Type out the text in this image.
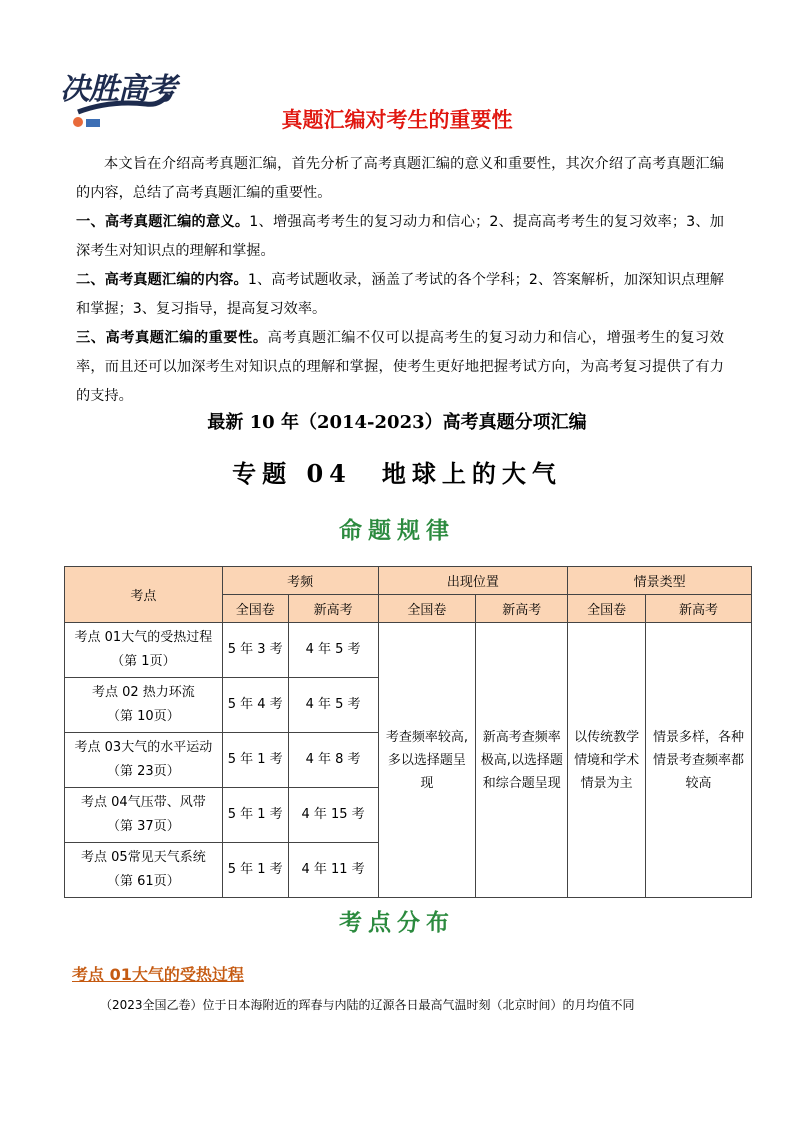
决胜高考
真题汇编对考生的重要性
本文旨在介绍高考真题汇编，首先分析了高考真题汇编的意义和重要性，其次介绍了高考真题汇编的内容，总结了高考真题汇编的重要性。
一、高考真题汇编的意义。1、增强高考考生的复习动力和信心；2、提高高考考生的复习效率；3、加深考生对知识点的理解和掌握。
二、高考真题汇编的内容。1、高考试题收录，涵盖了考试的各个学科；2、答案解析，加深知识点理解和掌握；3、复习指导，提高复习效率。
三、高考真题汇编的重要性。高考真题汇编不仅可以提高考生的复习动力和信心，增强考生的复习效率，而且还可以加深考生对知识点的理解和掌握，使考生更好地把握考试方向，为高考复习提供了有力的支持。
最新 10 年（2014-2023）高考真题分项汇编
专题 04　地球上的大气
命题规律
考点	考频		出现位置		情景类型	
	全国卷	新高考	全国卷	新高考	全国卷	新高考
考点 01大气的受热过程
（第 1页）	5 年 3 考	4 年 5 考	考查频率较高,多以选择题呈现	新高考查频率极高,以选择题和综合题呈现	以传统教学情境和学术情景为主	情景多样，各种情景考查频率都较高
考点 02 热力环流
（第 10页）	5 年 4 考	4 年 5 考				
考点 03大气的水平运动
（第 23页）	5 年 1 考	4 年 8 考				
考点 04气压带、风带
（第 37页）	5 年 1 考	4 年 15 考				
考点 05常见天气系统
（第 61页）	5 年 1 考	4 年 11 考				
考点分布
考点 01大气的受热过程
（2023全国乙卷）位于日本海附近的珲春与内陆的辽源各日最高气温时刻（北京时间）的月均值不同
